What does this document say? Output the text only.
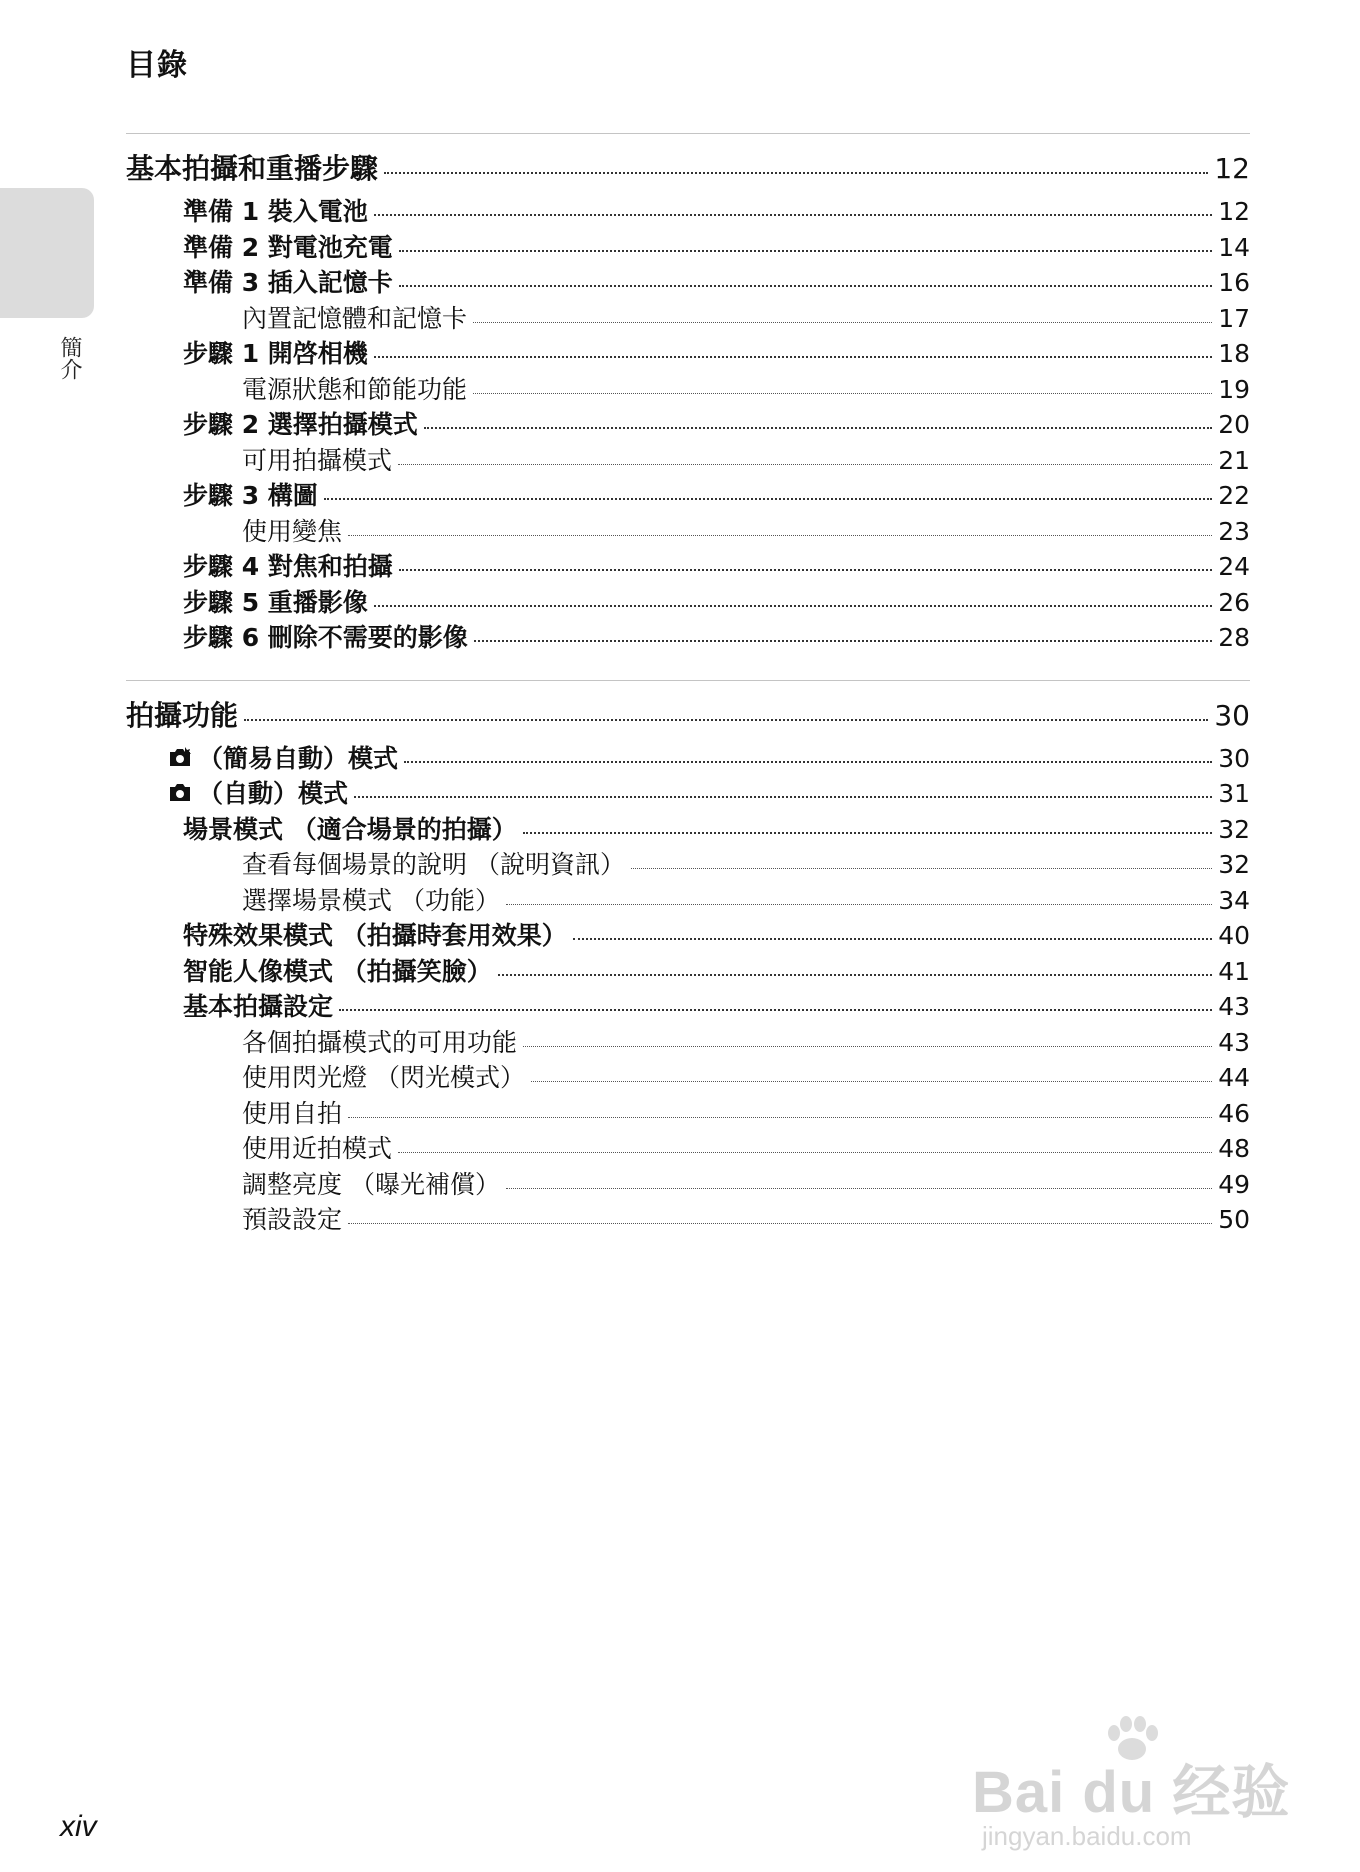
目錄
簡介
基本拍攝和重播步驟	12
準備 1 裝入電池	12
準備 2 對電池充電	14
準備 3 插入記憶卡	16
內置記憶體和記憶卡	17
步驟 1 開啓相機	18
電源狀態和節能功能	19
步驟 2 選擇拍攝模式	20
可用拍攝模式	21
步驟 3 構圖	22
使用變焦	23
步驟 4 對焦和拍攝	24
步驟 5 重播影像	26
步驟 6 刪除不需要的影像	28
拍攝功能	30
（簡易自動）模式	30
（自動）模式	31
場景模式 （適合場景的拍攝）	32
查看每個場景的說明 （說明資訊）	32
選擇場景模式 （功能）	34
特殊效果模式 （拍攝時套用效果）	40
智能人像模式 （拍攝笑臉）	41
基本拍攝設定	43
各個拍攝模式的可用功能	43
使用閃光燈 （閃光模式）	44
使用自拍	46
使用近拍模式	48
調整亮度 （曝光補償）	49
預設設定	50
xiv
Bai du 经验
jingyan.baidu.com
